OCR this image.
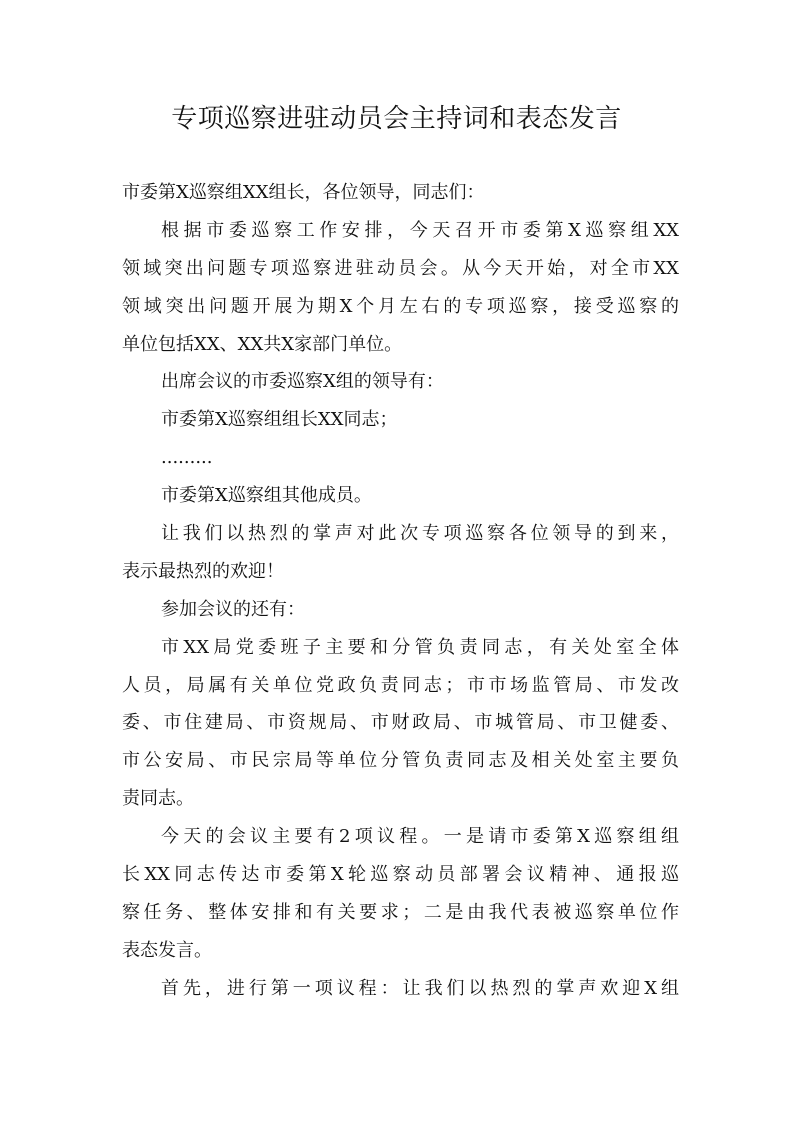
专项巡察进驻动员会主持词和表态发言
市委第X巡察组XX组长，各位领导，同志们：
根据市委巡察工作安排，今天召开市委第X巡察组XX
领域突出问题专项巡察进驻动员会。从今天开始，对全市XX
领域突出问题开展为期X个月左右的专项巡察，接受巡察的
单位包括XX、XX共X家部门单位。
出席会议的市委巡察X组的领导有：
市委第X巡察组组长XX同志；
.........
市委第X巡察组其他成员。
让我们以热烈的掌声对此次专项巡察各位领导的到来，
表示最热烈的欢迎！
参加会议的还有：
市XX局党委班子主要和分管负责同志，有关处室全体
人员，局属有关单位党政负责同志；市市场监管局、市发改
委、市住建局、市资规局、市财政局、市城管局、市卫健委、
市公安局、市民宗局等单位分管负责同志及相关处室主要负
责同志。
今天的会议主要有2项议程。一是请市委第X巡察组组
长XX同志传达市委第X轮巡察动员部署会议精神、通报巡
察任务、整体安排和有关要求；二是由我代表被巡察单位作
表态发言。
首先，进行第一项议程：让我们以热烈的掌声欢迎X组
